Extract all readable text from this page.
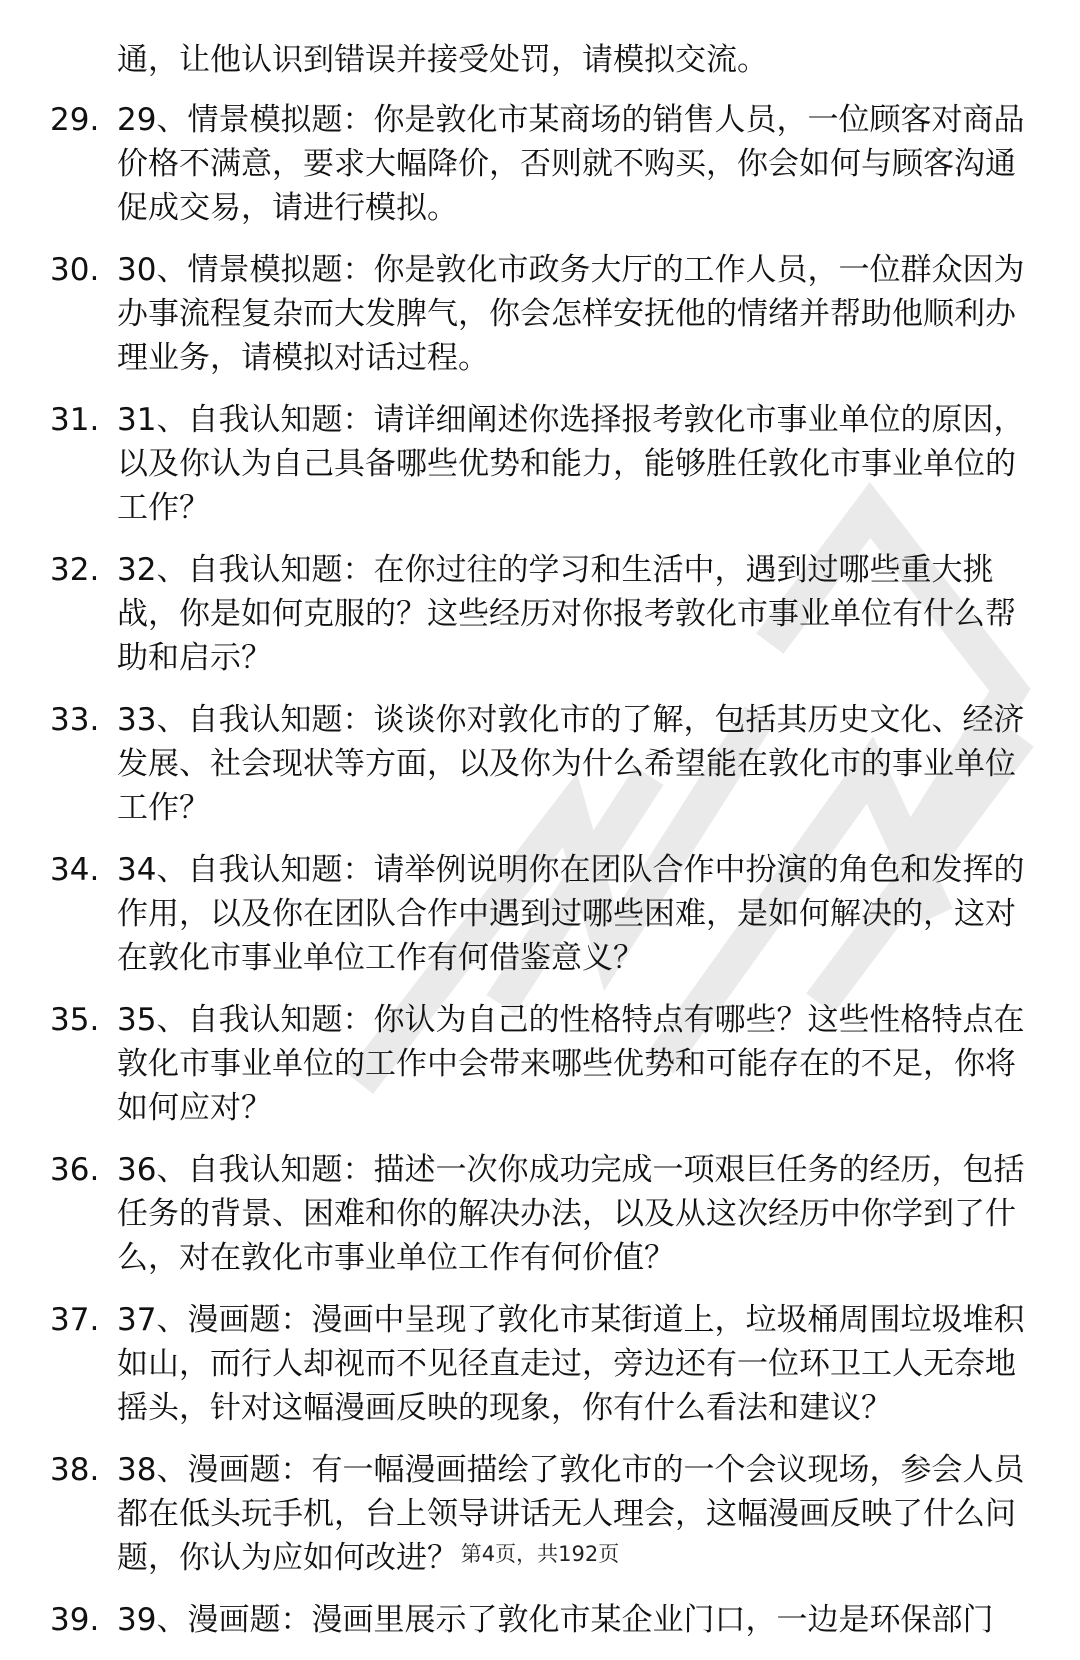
通，让他认识到错误并接受处罚，请模拟交流。
29. 29、情景模拟题：你是敦化市某商场的销售人员，一位顾客对商品价格不满意，要求大幅降价，否则就不购买，你会如何与顾客沟通促成交易，请进行模拟。
30. 30、情景模拟题：你是敦化市政务大厅的工作人员，一位群众因为办事流程复杂而大发脾气，你会怎样安抚他的情绪并帮助他顺利办理业务，请模拟对话过程。
31. 31、自我认知题：请详细阐述你选择报考敦化市事业单位的原因，以及你认为自己具备哪些优势和能力，能够胜任敦化市事业单位的工作？
32. 32、自我认知题：在你过往的学习和生活中，遇到过哪些重大挑战，你是如何克服的？这些经历对你报考敦化市事业单位有什么帮助和启示？
33. 33、自我认知题：谈谈你对敦化市的了解，包括其历史文化、经济发展、社会现状等方面，以及你为什么希望能在敦化市的事业单位工作？
34. 34、自我认知题：请举例说明你在团队合作中扮演的角色和发挥的作用，以及你在团队合作中遇到过哪些困难，是如何解决的，这对在敦化市事业单位工作有何借鉴意义？
35. 35、自我认知题：你认为自己的性格特点有哪些？这些性格特点在敦化市事业单位的工作中会带来哪些优势和可能存在的不足，你将如何应对？
36. 36、自我认知题：描述一次你成功完成一项艰巨任务的经历，包括任务的背景、困难和你的解决办法，以及从这次经历中你学到了什么，对在敦化市事业单位工作有何价值？
37. 37、漫画题：漫画中呈现了敦化市某街道上，垃圾桶周围垃圾堆积如山，而行人却视而不见径直走过，旁边还有一位环卫工人无奈地摇头，针对这幅漫画反映的现象，你有什么看法和建议？
38. 38、漫画题：有一幅漫画描绘了敦化市的一个会议现场，参会人员都在低头玩手机，台上领导讲话无人理会，这幅漫画反映了什么问题，你认为应如何改进？
39. 39、漫画题：漫画里展示了敦化市某企业门口，一边是环保部门
第4页，共192页
